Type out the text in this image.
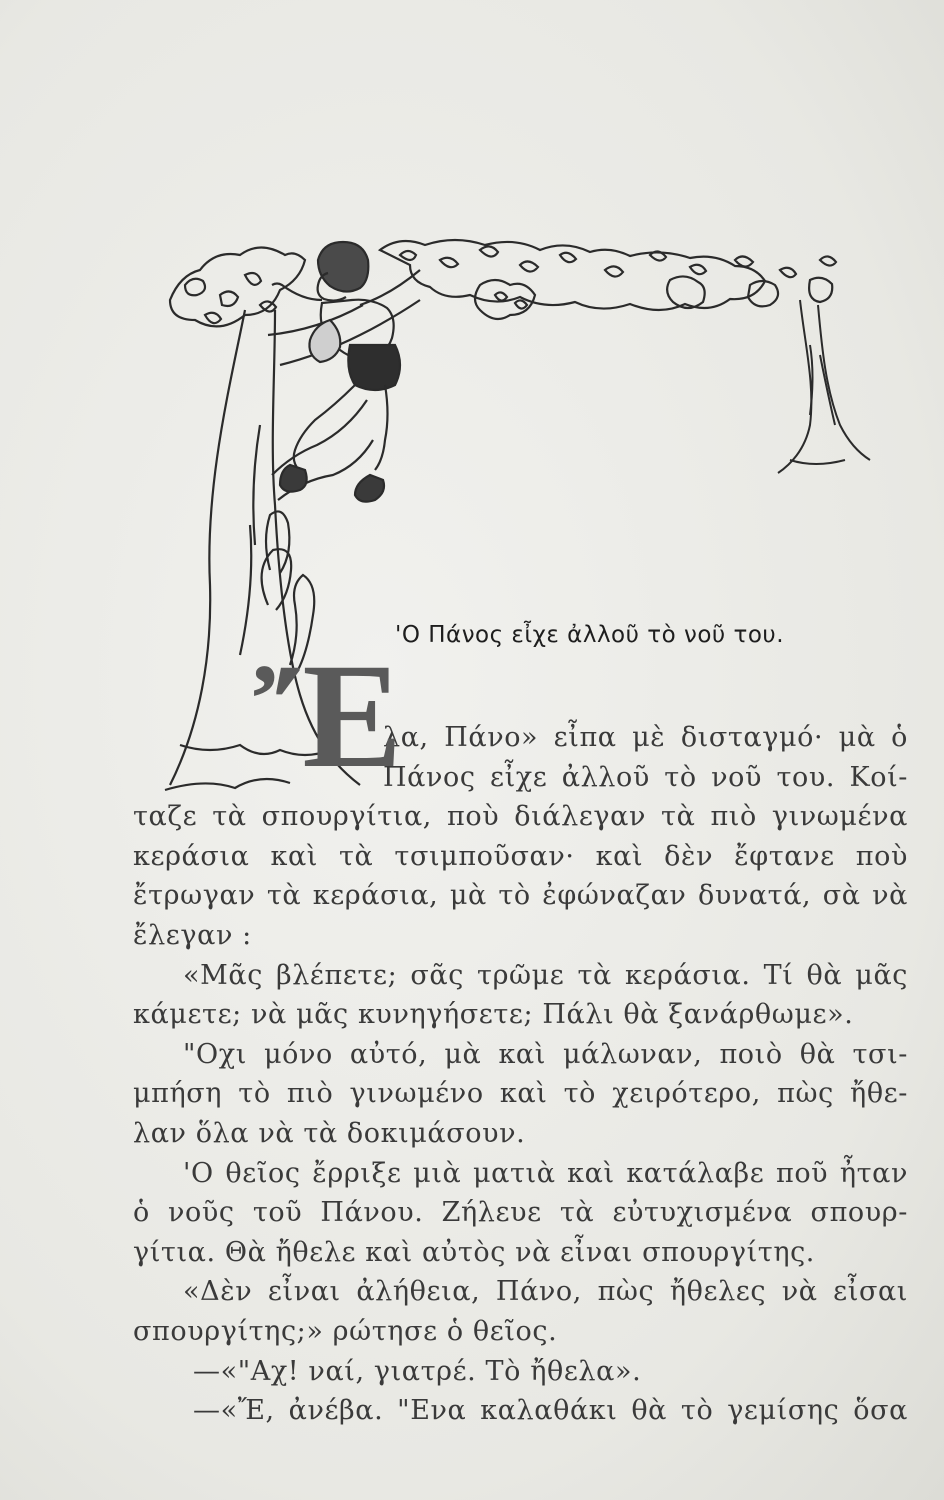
'Ο Πάνος εἶχε ἀλλοῦ τὸ νοῦ του.
λα, Πάνο» εἶπα μὲ δισταγμό· μὰ ὁ
Πάνος εἶχε ἀλλοῦ τὸ νοῦ του. Κοί-
ταζε τὰ σπουργίτια, ποὺ διάλεγαν τὰ πιὸ γινωμένα
κεράσια καὶ τὰ τσιμποῦσαν· καὶ δὲν ἔφτανε ποὺ
ἔτρωγαν τὰ κεράσια, μὰ τὸ ἐφώναζαν δυνατά, σὰ νὰ
ἔλεγαν :
«Μᾶς βλέπετε; σᾶς τρῶμε τὰ κεράσια. Τί θὰ μᾶς
κάμετε; νὰ μᾶς κυνηγήσετε; Πάλι θὰ ξανάρθωμε».
"Οχι μόνο αὐτό, μὰ καὶ μάλωναν, ποιὸ θὰ τσι-
μπήση τὸ πιὸ γινωμένο καὶ τὸ χειρότερο, πὼς ἤθε-
λαν ὅλα νὰ τὰ δοκιμάσουν.
'Ο θεῖος ἔρριξε μιὰ ματιὰ καὶ κατάλαβε ποῦ ἦταν
ὁ νοῦς τοῦ Πάνου. Ζήλευε τὰ εὐτυχισμένα σπουρ-
γίτια. Θὰ ἤθελε καὶ αὐτὸς νὰ εἶναι σπουργίτης.
«Δὲν εἶναι ἀλήθεια, Πάνο, πὼς ἤθελες νὰ εἶσαι
σπουργίτης;» ρώτησε ὁ θεῖος.
—«"Αχ! ναί, γιατρέ. Τὸ ἤθελα».
—«Ἔ, ἀνέβα. "Ενα καλαθάκι θὰ τὸ γεμίσης ὅσα
Ἔ
